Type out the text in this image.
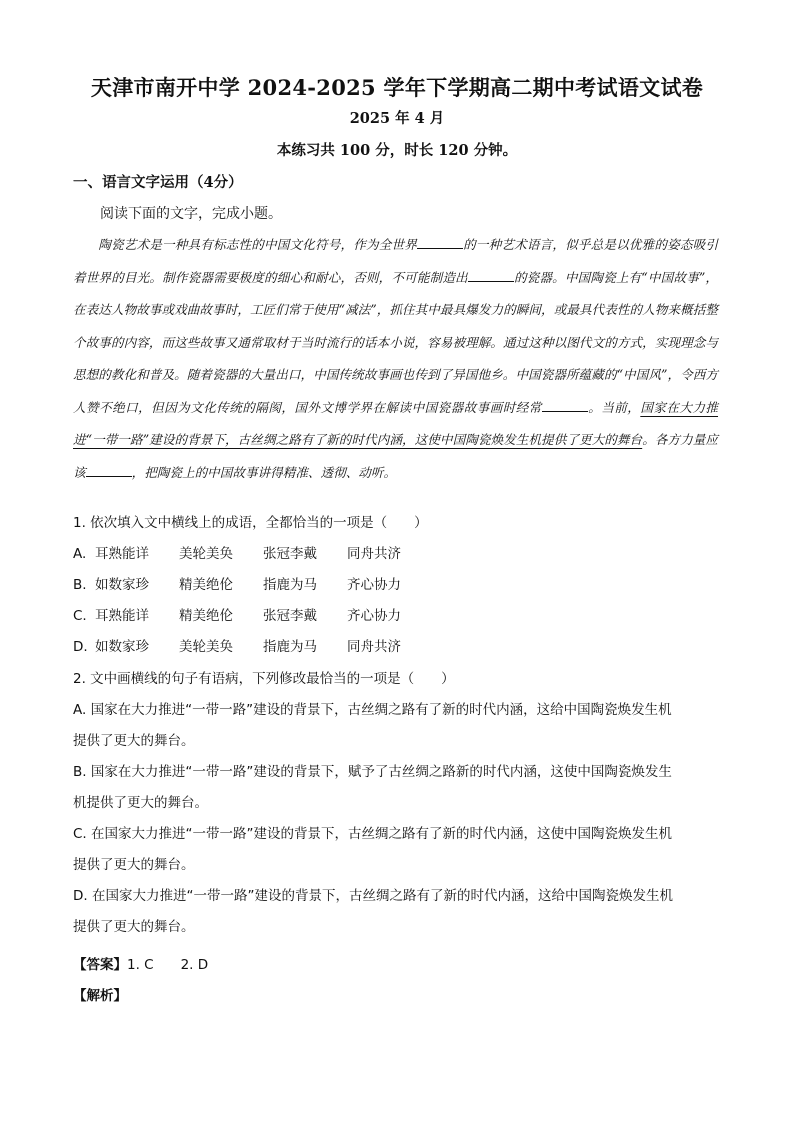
天津市南开中学 2024-2025 学年下学期高二期中考试语文试卷
2025 年 4 月
本练习共 100 分，时长 120 分钟。
一、语言文字运用（4分）
阅读下面的文字，完成小题。
陶瓷艺术是一种具有标志性的中国文化符号，作为全世界	的一种艺术语言，似乎总是以优雅的姿态吸引着世界的目光。制作瓷器需要极度的细心和耐心，否则，不可能制造出	的瓷器。中国陶瓷上有“中国故事”，在表达人物故事或戏曲故事时，工匠们常于使用“减法”，抓住其中最具爆发力的瞬间，或最具代表性的人物来概括整个故事的内容，而这些故事又通常取材于当时流行的话本小说，容易被理解。通过这种以图代文的方式，实现理念与思想的教化和普及。随着瓷器的大量出口，中国传统故事画也传到了异国他乡。中国瓷器所蕴藏的“中国风”，令西方人赞不绝口，但因为文化传统的隔阂，国外文博学界在解读中国瓷器故事画时经常	。当前，国家在大力推进“一带一路”建设的背景下，古丝绸之路有了新的时代内涵，这使中国陶瓷焕发生机提供了更大的舞台。各方力量应该	，把陶瓷上的中国故事讲得精准、透彻、动听。
1. 依次填入文中横线上的成语，全都恰当的一项是（　　）
A. 耳熟能详 美轮美奂 张冠李戴 同舟共济
B. 如数家珍 精美绝伦 指鹿为马 齐心协力
C. 耳熟能详 精美绝伦 张冠李戴 齐心协力
D. 如数家珍 美轮美奂 指鹿为马 同舟共济
2. 文中画横线的句子有语病，下列修改最恰当的一项是（　　）
A. 国家在大力推进“一带一路”建设的背景下，古丝绸之路有了新的时代内涵，这给中国陶瓷焕发生机
提供了更大的舞台。
B. 国家在大力推进“一带一路”建设的背景下，赋予了古丝绸之路新的时代内涵，这使中国陶瓷焕发生
机提供了更大的舞台。
C. 在国家大力推进“一带一路”建设的背景下，古丝绸之路有了新的时代内涵，这使中国陶瓷焕发生机
提供了更大的舞台。
D. 在国家大力推进“一带一路”建设的背景下，古丝绸之路有了新的时代内涵，这给中国陶瓷焕发生机
提供了更大的舞台。
【答案】1. C　　2. D
【解析】
